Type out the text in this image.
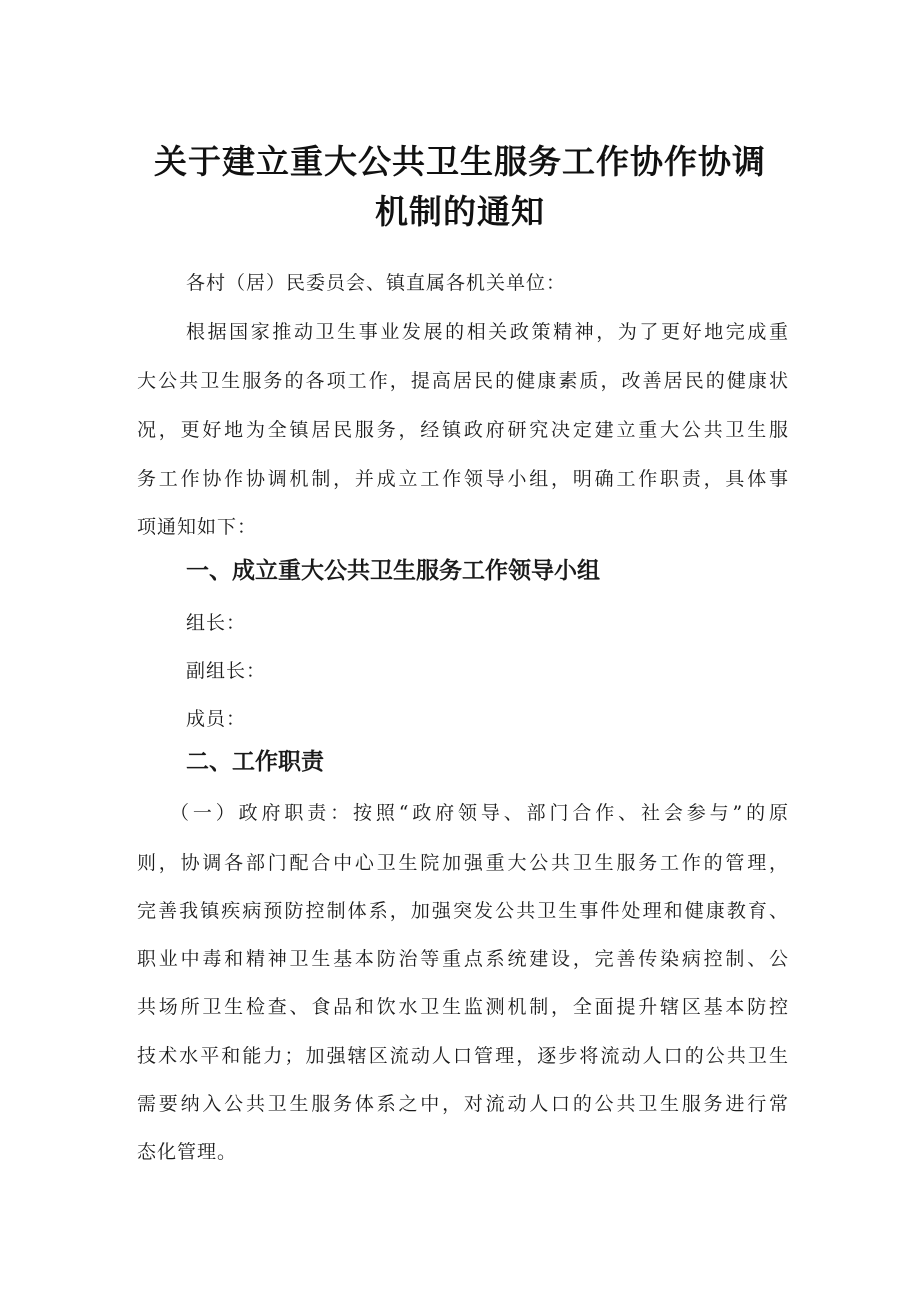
关于建立重大公共卫生服务工作协作协调
机制的通知
各村（居）民委员会、镇直属各机关单位：
根据国家推动卫生事业发展的相关政策精神，为了更好地完成重
大公共卫生服务的各项工作，提高居民的健康素质，改善居民的健康状
况，更好地为全镇居民服务，经镇政府研究决定建立重大公共卫生服
务工作协作协调机制，并成立工作领导小组，明确工作职责，具体事
项通知如下：
一、成立重大公共卫生服务工作领导小组
组长：
副组长：
成员：
二、工作职责
（一）政府职责：按照“政府领导、部门合作、社会参与”的原
则，协调各部门配合中心卫生院加强重大公共卫生服务工作的管理，
完善我镇疾病预防控制体系，加强突发公共卫生事件处理和健康教育、
职业中毒和精神卫生基本防治等重点系统建设，完善传染病控制、公
共场所卫生检查、食品和饮水卫生监测机制，全面提升辖区基本防控
技术水平和能力；加强辖区流动人口管理，逐步将流动人口的公共卫生
需要纳入公共卫生服务体系之中，对流动人口的公共卫生服务进行常
态化管理。
